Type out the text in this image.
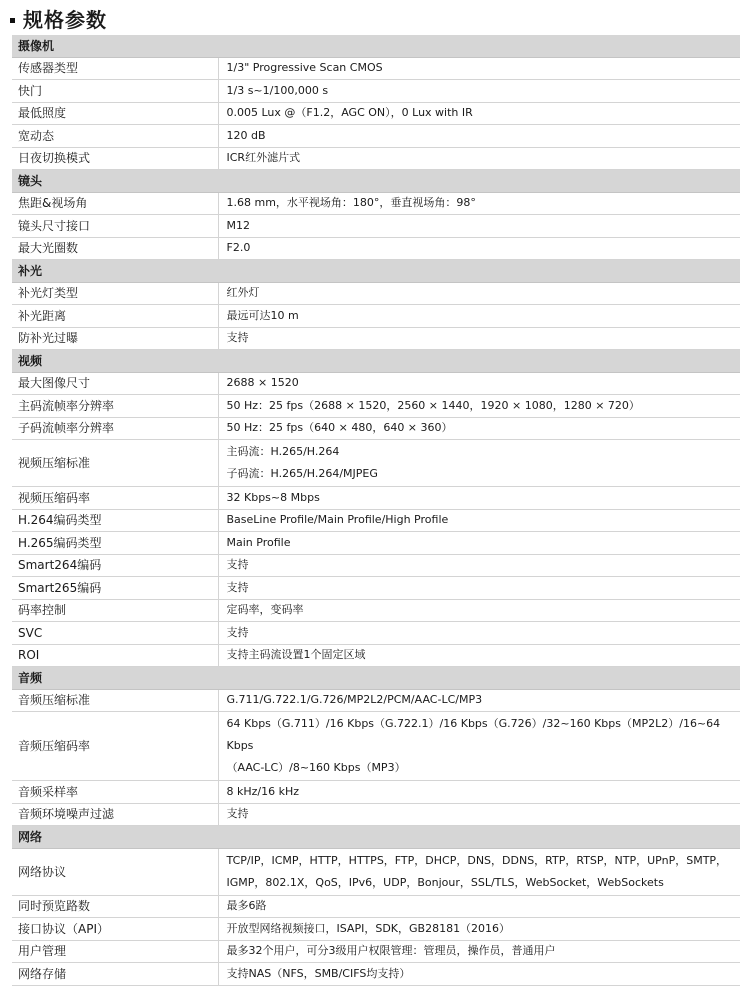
规格参数
摄像机	
传感器类型	1/3" Progressive Scan CMOS

快门	1/3 s~1/100,000 s

最低照度	0.005 Lux @（F1.2，AGC ON），0 Lux with IR

宽动态	120 dB

日夜切换模式	ICR红外滤片式

镜头	
焦距&视场角	1.68 mm，水平视场角：180°，垂直视场角：98°

镜头尺寸接口	M12

最大光圈数	F2.0

补光	
补光灯类型	红外灯

补光距离	最远可达10 m

防补光过曝	支持

视频	
最大图像尺寸	2688 × 1520

主码流帧率分辨率	50 Hz：25 fps（2688 × 1520，2560 × 1440，1920 × 1080，1280 × 720）

子码流帧率分辨率	50 Hz：25 fps（640 × 480，640 × 360）

视频压缩标准	主码流：H.265/H.264
子码流：H.265/H.264/MJPEG

视频压缩码率	32 Kbps~8 Mbps

H.264编码类型	BaseLine Profile/Main Profile/High Profile

H.265编码类型	Main Profile

Smart264编码	支持

Smart265编码	支持

码率控制	定码率，变码率

SVC	支持

ROI	支持主码流设置1个固定区域

音频	
音频压缩标准	G.711/G.722.1/G.726/MP2L2/PCM/AAC-LC/MP3

音频压缩码率	64 Kbps（G.711）/16 Kbps（G.722.1）/16 Kbps（G.726）/32~160 Kbps（MP2L2）/16~64 Kbps
（AAC-LC）/8~160 Kbps（MP3）

音频采样率	8 kHz/16 kHz

音频环境噪声过滤	支持

网络	
网络协议	TCP/IP，ICMP，HTTP，HTTPS，FTP，DHCP，DNS，DDNS，RTP，RTSP，NTP，UPnP，SMTP，
IGMP，802.1X，QoS，IPv6，UDP，Bonjour，SSL/TLS，WebSocket，WebSockets

同时预览路数	最多6路

接口协议（API）	开放型网络视频接口，ISAPI，SDK，GB28181（2016）

用户管理	最多32个用户，可分3级用户权限管理：管理员，操作员，普通用户

网络存储	支持NAS（NFS，SMB/CIFS均支持）
